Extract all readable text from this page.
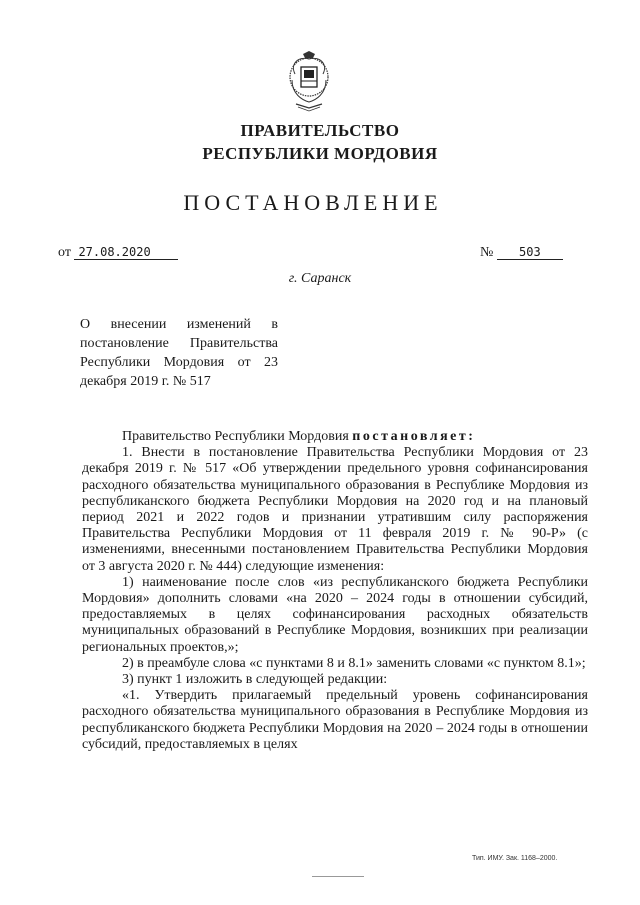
ПРАВИТЕЛЬСТВО
РЕСПУБЛИКИ МОРДОВИЯ
ПОСТАНОВЛЕНИЕ
от 27.08.2020	№ 503
г. Саранск
О внесении изменений в постановление Правительства Республики Мордовия от 23 декабря 2019 г. № 517

Правительство Республики Мордовия постановляет:

1. Внести в постановление Правительства Республики Мордовия от 23 декабря 2019 г. № 517 «Об утверждении предельного уровня софинансирования расходного обязательства муниципального образования в Республике Мордовия из республиканского бюджета Республики Мордовия на 2020 год и на плановый период 2021 и 2022 годов и признании утратившим силу распоряжения Правительства Республики Мордовия от 11 февраля 2019 г. № 90-Р» (с изменениями, внесенными постановлением Правительства Республики Мордовия от 3 августа 2020 г. № 444) следующие изменения:

1) наименование после слов «из республиканского бюджета Республики Мордовия» дополнить словами «на 2020 – 2024 годы в отношении субсидий, предоставляемых в целях софинансирования расходных обязательств муниципальных образований в Республике Мордовия, возникших при реализации региональных проектов,»;

2) в преамбуле слова «с пунктами 8 и 8.1» заменить словами «с пунктом 8.1»;

3) пункт 1 изложить в следующей редакции:

«1. Утвердить прилагаемый предельный уровень софинансирования расходного обязательства муниципального образования в Республике Мордовия из республиканского бюджета Республики Мордовия на 2020 – 2024 годы в отношении субсидий, предоставляемых в целях

Тип. ИМУ. Зак. 1168–2000.
